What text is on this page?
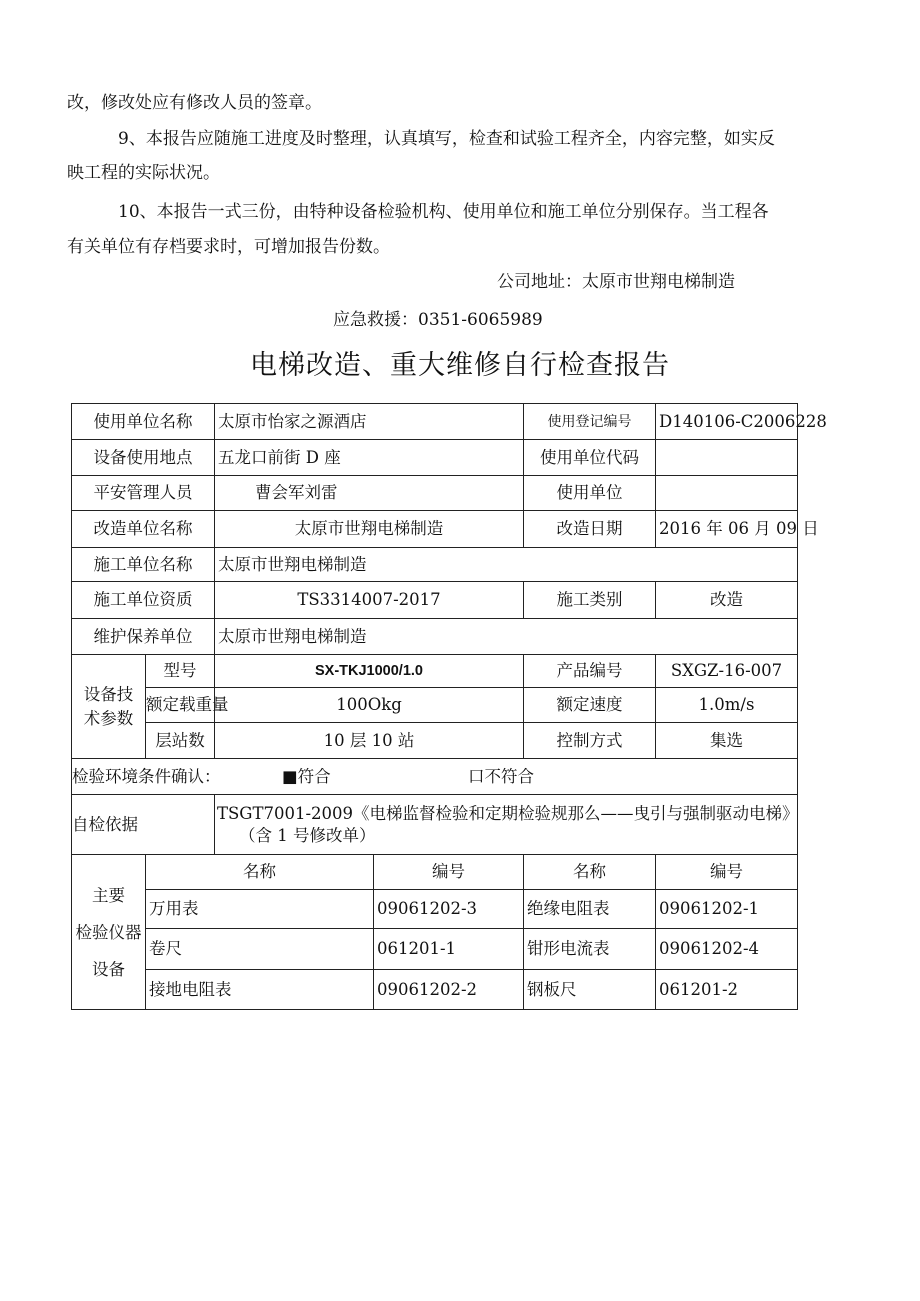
改，修改处应有修改人员的签章。
9、本报告应随施工进度及时整理，认真填写，检查和试验工程齐全，内容完整，如实反
映工程的实际状况。
10、本报告一式三份，由特种设备检验机构、使用单位和施工单位分别保存。当工程各
有关单位有存档要求时，可增加报告份数。
公司地址：太原市世翔电梯制造
应急救援：0351-6065989
电梯改造、重大维修自行检查报告
使用单位名称		太原市怡家之源酒店		使用登记编号	D140106-C2006228
设备使用地点		五龙口前街 D 座		使用单位代码	
平安管理人员		曹会军刘雷		使用单位	
改造单位名称		太原市世翔电梯制造		改造日期	2016 年 06 月 09 日
施工单位名称		太原市世翔电梯制造			
施工单位资质		TS3314007-2017		施工类别	改造
维护保养单位		太原市世翔电梯制造			
设备技
术参数	型号	SX-TKJ1000/1.0		产品编号	SXGZ-16-007
	额定载重量	100Okg		额定速度	1.0m/s
	层站数	10 层 10 站		控制方式	集选
检验环境条件确认： ■符合 口不符合					
自检依据		TSGT7001-2009《电梯监督检验和定期检验规那么——曳引与强制驱动电梯》
（含 1 号修改单）			
主要
检验仪器
设备	名称		编号	名称	编号
	万用表		09061202-3	绝缘电阻表	09061202-1
	卷尺		061201-1	钳形电流表	09061202-4
	接地电阻表		09061202-2	钢板尺	061201-2
